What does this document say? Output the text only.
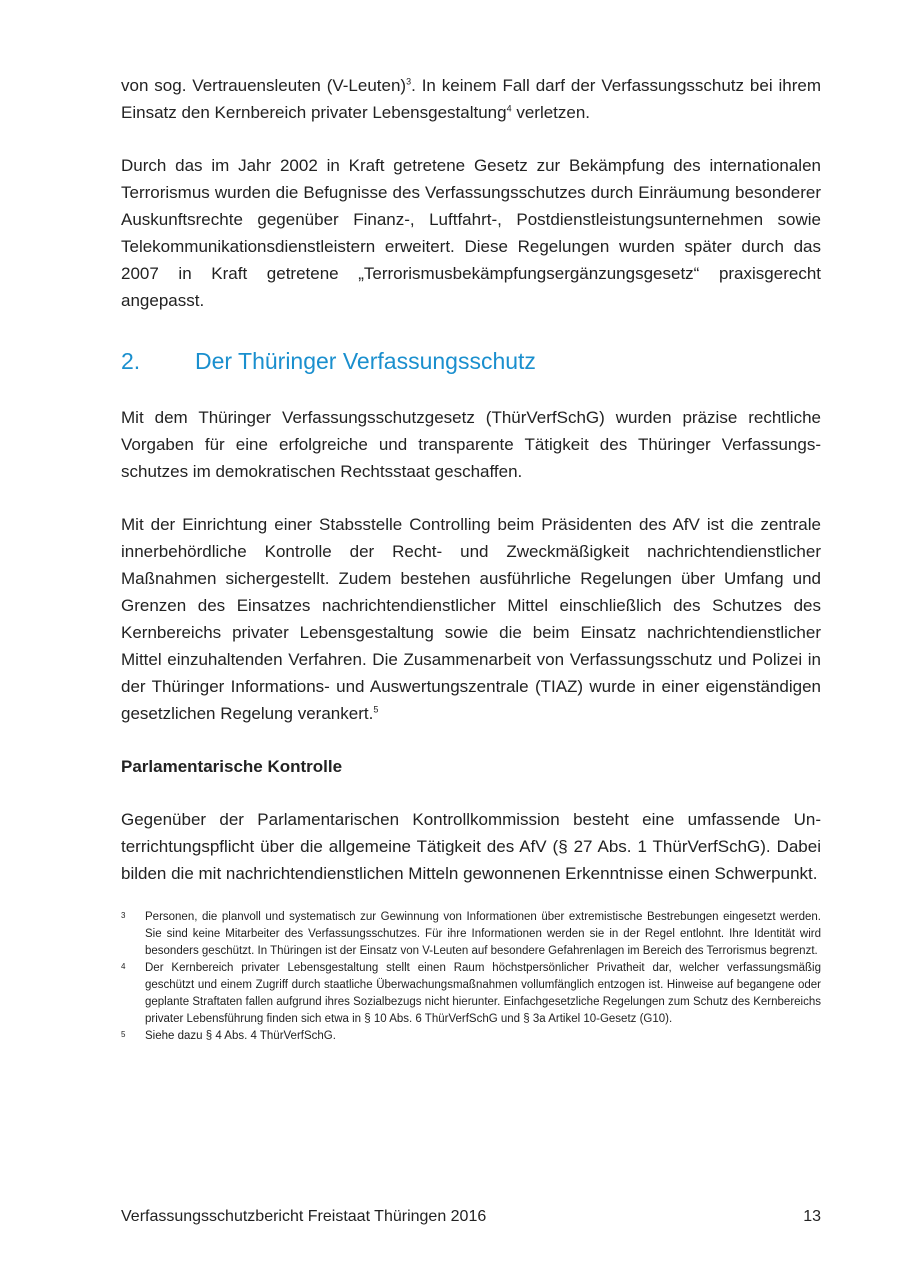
von sog. Vertrauensleuten (V-Leuten)$^3$. In keinem Fall darf der Verfassungsschutz bei ihrem Einsatz den Kernbereich privater Lebensgestaltung$^4$ verletzen.

Durch das im Jahr 2002 in Kraft getretene Gesetz zur Bekämpfung des internationalen Terrorismus wurden die Befugnisse des Verfassungsschutzes durch Einräumung besonderer Auskunftsrechte gegenüber Finanz-, Luftfahrt-, Postdienstleistungsunternehmen sowie Telekommunikationsdienstleistern erweitert. Diese Regelungen wurden später durch das 2007 in Kraft getretene „Terrorismusbekämpfungsergänzungsgesetz“ praxisgerecht angepasst.

2.	Der Thüringer Verfassungsschutz

Mit dem Thüringer Verfassungsschutzgesetz (ThürVerfSchG) wurden präzise rechtliche Vorgaben für eine erfolgreiche und transparente Tätigkeit des Thüringer Verfassungsschutzes im demokratischen Rechtsstaat geschaffen.

Mit der Einrichtung einer Stabsstelle Controlling beim Präsidenten des AfV ist die zentrale innerbehördliche Kontrolle der Recht- und Zweckmäßigkeit nachrichtendienstlicher Maßnahmen sichergestellt. Zudem bestehen ausführliche Regelungen über Umfang und Grenzen des Einsatzes nachrichtendienstlicher Mittel einschließlich des Schutzes des Kernbereichs privater Lebensgestaltung sowie die beim Einsatz nachrichtendienstlicher Mittel einzuhaltenden Verfahren. Die Zusammenarbeit von Verfassungsschutz und Polizei in der Thüringer Informations- und Auswertungszentrale (TIAZ) wurde in einer eigenständigen gesetzlichen Regelung verankert.$^5$

Parlamentarische Kontrolle

Gegenüber der Parlamentarischen Kontrollkommission besteht eine umfassende Unterrichtungspflicht über die allgemeine Tätigkeit des AfV (§ 27 Abs. 1 ThürVerfSchG). Dabei bilden die mit nachrichtendienstlichen Mitteln gewonnenen Erkenntnisse einen Schwerpunkt.

3	Personen, die planvoll und systematisch zur Gewinnung von Informationen über extremistische Bestrebungen eingesetzt werden. Sie sind keine Mitarbeiter des Verfassungsschutzes. Für ihre Informationen werden sie in der Regel entlohnt. Ihre Identität wird besonders geschützt. In Thüringen ist der Einsatz von V-Leuten auf besondere Gefahrenlagen im Bereich des Terrorismus begrenzt.
4	Der Kernbereich privater Lebensgestaltung stellt einen Raum höchstpersönlicher Privatheit dar, welcher verfassungsmäßig geschützt und einem Zugriff durch staatliche Überwachungsmaßnahmen vollumfänglich entzogen ist. Hinweise auf begangene oder geplante Straftaten fallen aufgrund ihres Sozialbezugs nicht hierunter. Einfachgesetzliche Regelungen zum Schutz des Kernbereichs privater Lebensführung finden sich etwa in § 10 Abs. 6 ThürVerfSchG und § 3a Artikel 10-Gesetz (G10).
5	Siehe dazu § 4 Abs. 4 ThürVerfSchG.
Verfassungsschutzbericht Freistaat Thüringen 2016	13
